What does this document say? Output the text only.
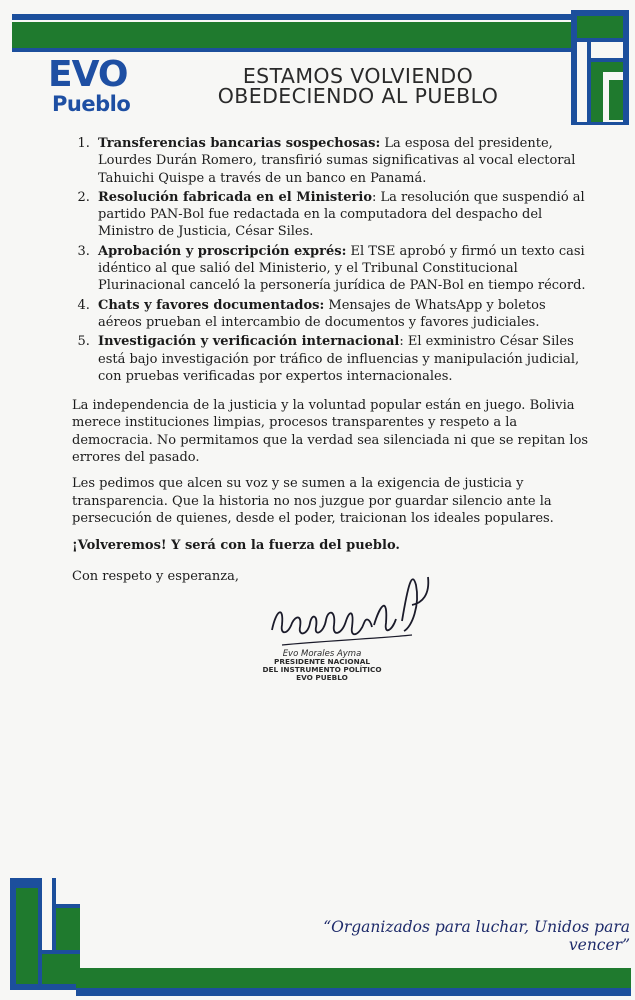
EVO
Pueblo
ESTAMOS VOLVIENDO
OBEDECIENDO AL PUEBLO
1. Transferencias bancarias sospechosas: La esposa del presidente, Lourdes Durán Romero, transfirió sumas significativas al vocal electoral Tahuichi Quispe a través de un banco en Panamá.
2. Resolución fabricada en el Ministerio: La resolución que suspendió al partido PAN-Bol fue redactada en la computadora del despacho del Ministro de Justicia, César Siles.
3. Aprobación y proscripción exprés: El TSE aprobó y firmó un texto casi idéntico al que salió del Ministerio, y el Tribunal Constitucional Plurinacional canceló la personería jurídica de PAN-Bol en tiempo récord.
4. Chats y favores documentados: Mensajes de WhatsApp y boletos aéreos prueban el intercambio de documentos y favores judiciales.
5. Investigación y verificación internacional: El exministro César Siles está bajo investigación por tráfico de influencias y manipulación judicial, con pruebas verificadas por expertos internacionales.

La independencia de la justicia y la voluntad popular están en juego. Bolivia merece instituciones limpias, procesos transparentes y respeto a la democracia. No permitamos que la verdad sea silenciada ni que se repitan los errores del pasado.

Les pedimos que alcen su voz y se sumen a la exigencia de justicia y transparencia. Que la historia no nos juzgue por guardar silencio ante la persecución de quienes, desde el poder, traicionan los ideales populares.

¡Volveremos! Y será con la fuerza del pueblo.

Con respeto y esperanza,

Evo Morales Ayma
PRESIDENTE NACIONAL
DEL INSTRUMENTO POLÍTICO
EVO PUEBLO
“Organizados para luchar, Unidos para vencer”
